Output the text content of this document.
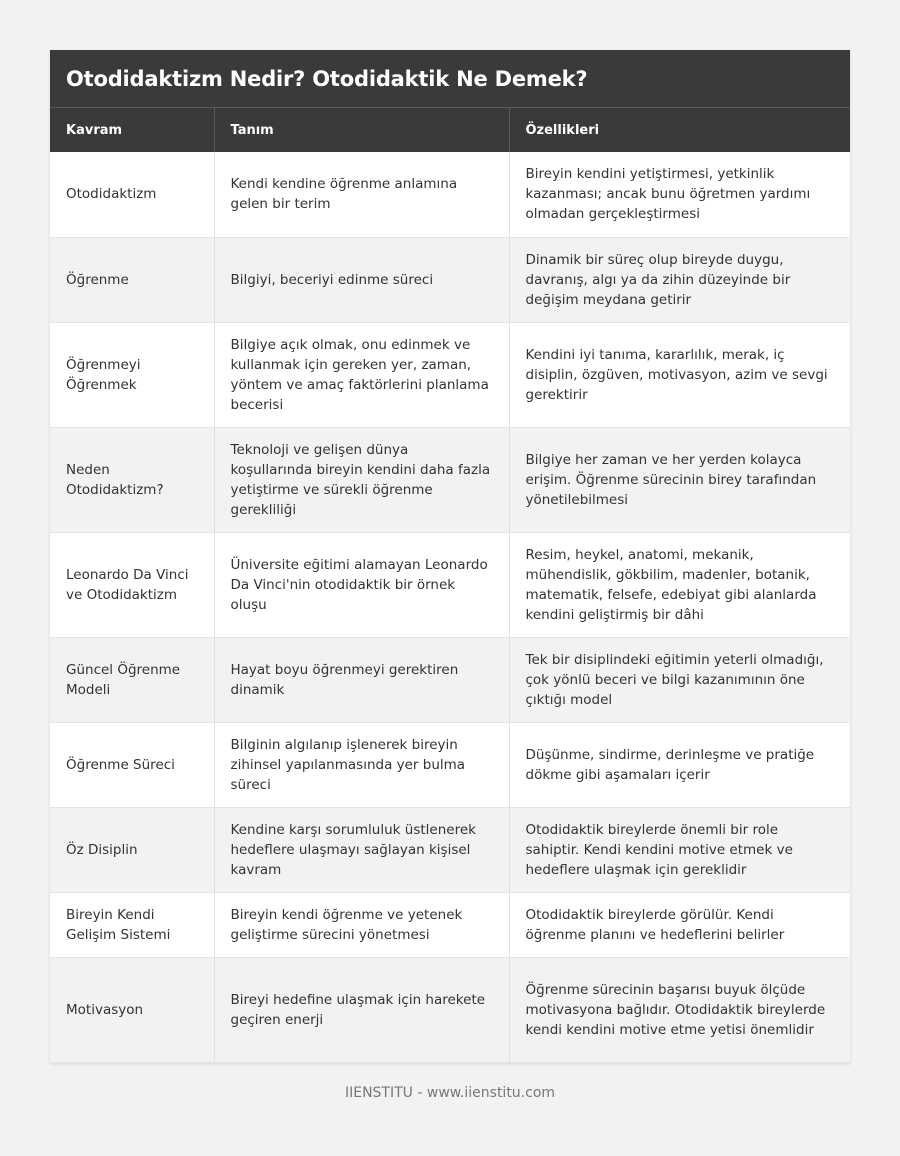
Otodidaktizm Nedir? Otodidaktik Ne Demek?
Kavram	Tanım	Özellikleri
Otodidaktizm	Kendi kendine öğrenme anlamına gelen bir terim	Bireyin kendini yetiştirmesi, yetkinlik kazanması; ancak bunu öğretmen yardımı olmadan gerçekleştirmesi
Öğrenme	Bilgiyi, beceriyi edinme süreci	Dinamik bir süreç olup bireyde duygu, davranış, algı ya da zihin düzeyinde bir değişim meydana getirir
Öğrenmeyi Öğrenmek	Bilgiye açık olmak, onu edinmek ve kullanmak için gereken yer, zaman, yöntem ve amaç faktörlerini planlama becerisi	Kendini iyi tanıma, kararlılık, merak, iç disiplin, özgüven, motivasyon, azim ve sevgi gerektirir
Neden Otodidaktizm?	Teknoloji ve gelişen dünya koşullarında bireyin kendini daha fazla yetiştirme ve sürekli öğrenme gerekliliği	Bilgiye her zaman ve her yerden kolayca erişim. Öğrenme sürecinin birey tarafından yönetilebilmesi
Leonardo Da Vinci ve Otodidaktizm	Üniversite eğitimi alamayan Leonardo Da Vinci'nin otodidaktik bir örnek oluşu	Resim, heykel, anatomi, mekanik, mühendislik, gökbilim, madenler, botanik, matematik, felsefe, edebiyat gibi alanlarda kendini geliştirmiş bir dâhi
Güncel Öğrenme Modeli	Hayat boyu öğrenmeyi gerektiren dinamik	Tek bir disiplindeki eğitimin yeterli olmadığı, çok yönlü beceri ve bilgi kazanımının öne çıktığı model
Öğrenme Süreci	Bilginin algılanıp işlenerek bireyin zihinsel yapılanmasında yer bulma süreci	Düşünme, sindirme, derinleşme ve pratiğe dökme gibi aşamaları içerir
Öz Disiplin	Kendine karşı sorumluluk üstlenerek hedeflere ulaşmayı sağlayan kişisel kavram	Otodidaktik bireylerde önemli bir role sahiptir. Kendi kendini motive etmek ve hedeflere ulaşmak için gereklidir
Bireyin Kendi Gelişim Sistemi	Bireyin kendi öğrenme ve yetenek geliştirme sürecini yönetmesi	Otodidaktik bireylerde görülür. Kendi öğrenme planını ve hedeflerini belirler
Motivasyon	Bireyi hedefine ulaşmak için harekete geçiren enerji	Öğrenme sürecinin başarısı buyuk ölçüde motivasyona bağlıdır. Otodidaktik bireylerde kendi kendini motive etme yetisi önemlidir
IIENSTITU - www.iienstitu.com
